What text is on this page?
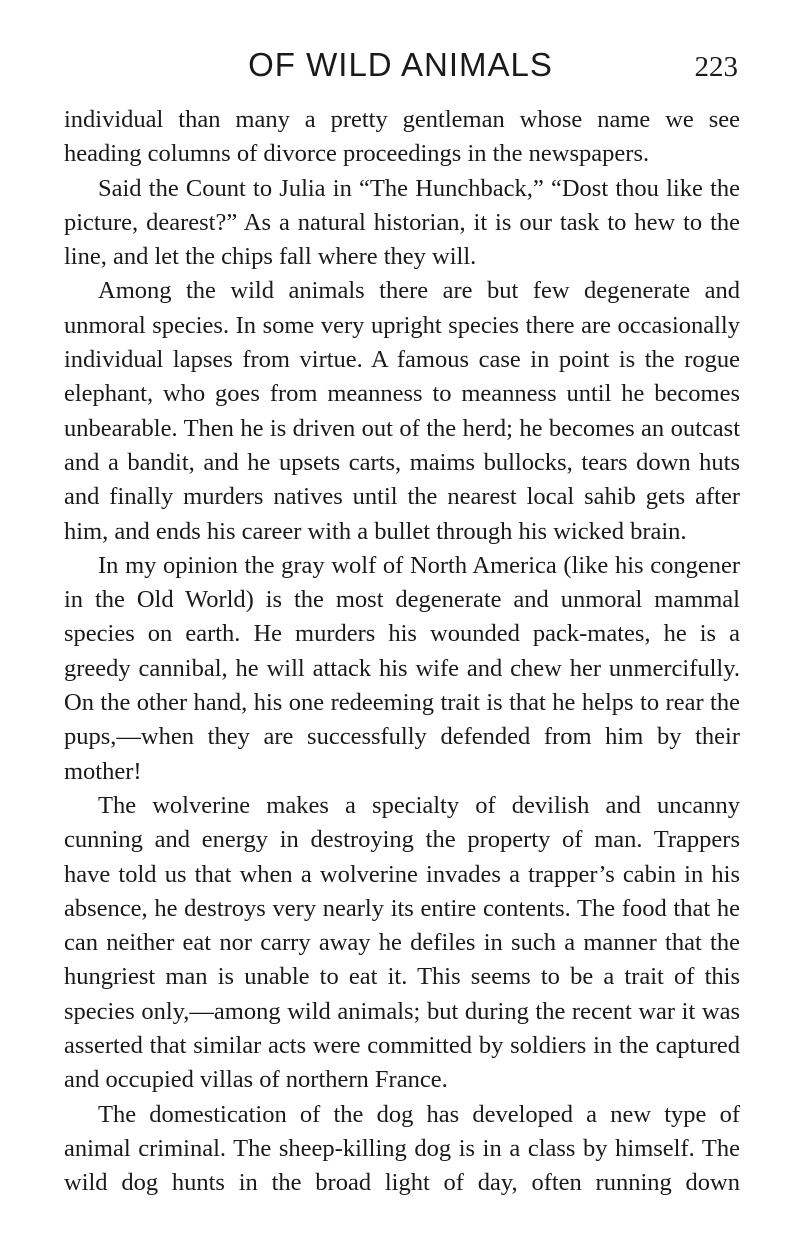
OF WILD ANIMALS	223

individual than many a pretty gentleman whose name we see heading columns of divorce proceedings in the newspapers.

Said the Count to Julia in “The Hunchback,” “Dost thou like the picture, dearest?” As a natural historian, it is our task to hew to the line, and let the chips fall where they will.

Among the wild animals there are but few degenerate and unmoral species. In some very upright species there are occasionally individual lapses from virtue. A famous case in point is the rogue elephant, who goes from meanness to meanness until he becomes unbearable. Then he is driven out of the herd; he becomes an outcast and a bandit, and he upsets carts, maims bullocks, tears down huts and finally murders natives until the nearest local sahib gets after him, and ends his career with a bullet through his wicked brain.

In my opinion the gray wolf of North America (like his congener in the Old World) is the most degenerate and unmoral mammal species on earth. He murders his wounded pack-mates, he is a greedy cannibal, he will attack his wife and chew her unmercifully. On the other hand, his one redeeming trait is that he helps to rear the pups,—when they are successfully defended from him by their mother!

The wolverine makes a specialty of devilish and uncanny cunning and energy in destroying the property of man. Trappers have told us that when a wolverine invades a trapper’s cabin in his absence, he destroys very nearly its entire contents. The food that he can neither eat nor carry away he defiles in such a manner that the hungriest man is unable to eat it. This seems to be a trait of this species only,—among wild animals; but during the recent war it was asserted that similar acts were committed by soldiers in the captured and occupied villas of northern France.

The domestication of the dog has developed a new type of animal criminal. The sheep-killing dog is in a class by himself. The wild dog hunts in the broad light of day, often running down
